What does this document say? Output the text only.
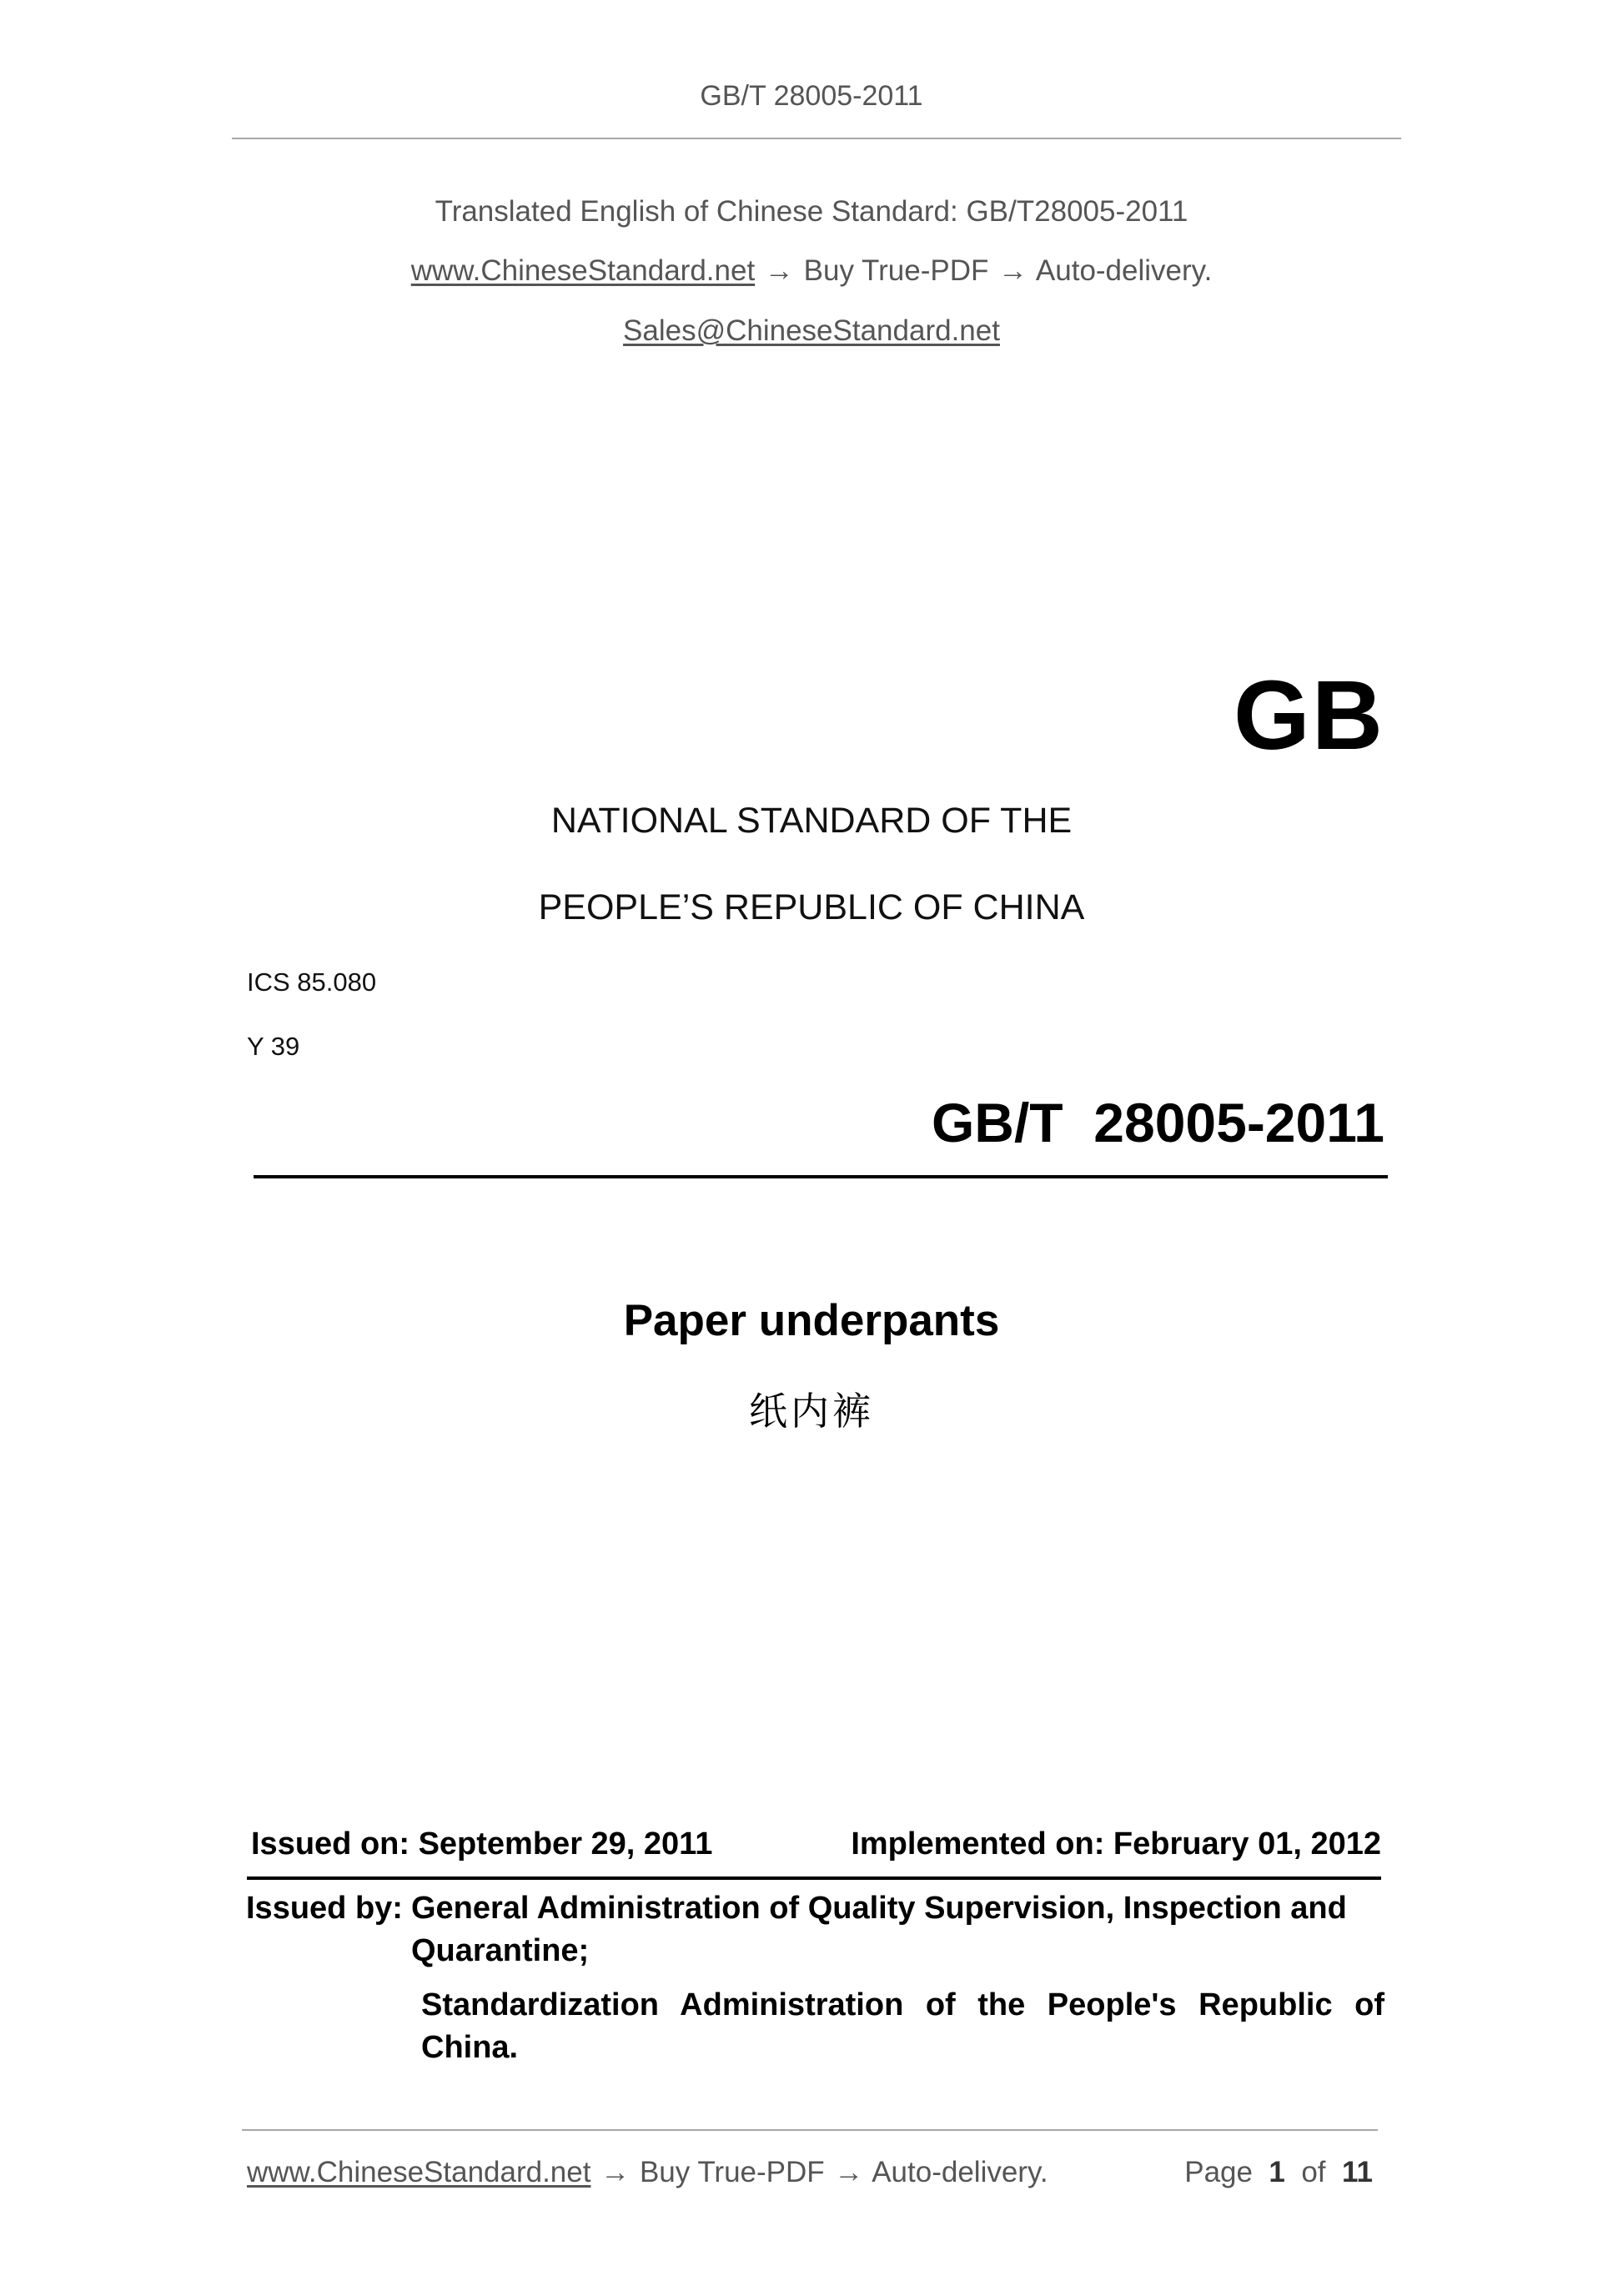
GB/T 28005-2011
Translated English of Chinese Standard: GB/T28005-2011
www.ChineseStandard.net → Buy True-PDF → Auto-delivery.
Sales@ChineseStandard.net
GB
NATIONAL STANDARD OF THE
PEOPLE’S REPUBLIC OF CHINA
ICS 85.080
Y 39
GB/T  28005-2011
Paper underpants
纸内裤
Issued on: September 29, 2011	Implemented on: February 01, 2012
Issued by: General Administration of Quality Supervision, Inspection and Quarantine;
Standardization Administration of the People's Republic of China.
www.ChineseStandard.net → Buy True-PDF → Auto-delivery.	Page 1 of 11
